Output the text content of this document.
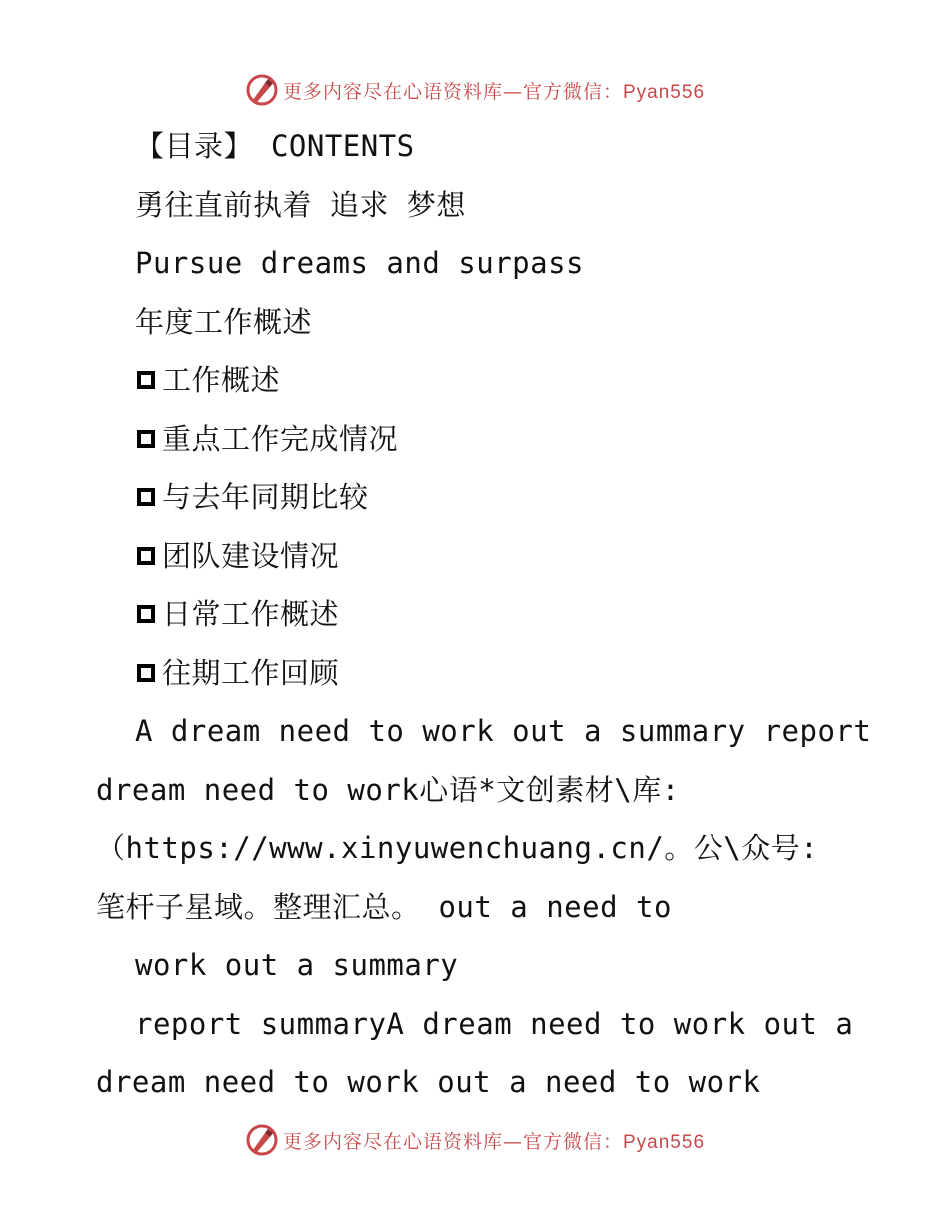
更多内容尽在心语资料库—官方微信：Pyan556
【目录】 CONTENTS
勇往直前执着 追求 梦想
Pursue dreams and surpass
年度工作概述
工作概述
重点工作完成情况
与去年同期比较
团队建设情况
日常工作概述
往期工作回顾
A dream need to work out a summary report
dream need to work心语*文创素材\库:
（https://www.xinyuwenchuang.cn/。公\众号:
笔杆子星域。整理汇总。 out a need to
work out a summary
report summaryA dream need to work out a
dream need to work out a need to work
更多内容尽在心语资料库—官方微信：Pyan556
